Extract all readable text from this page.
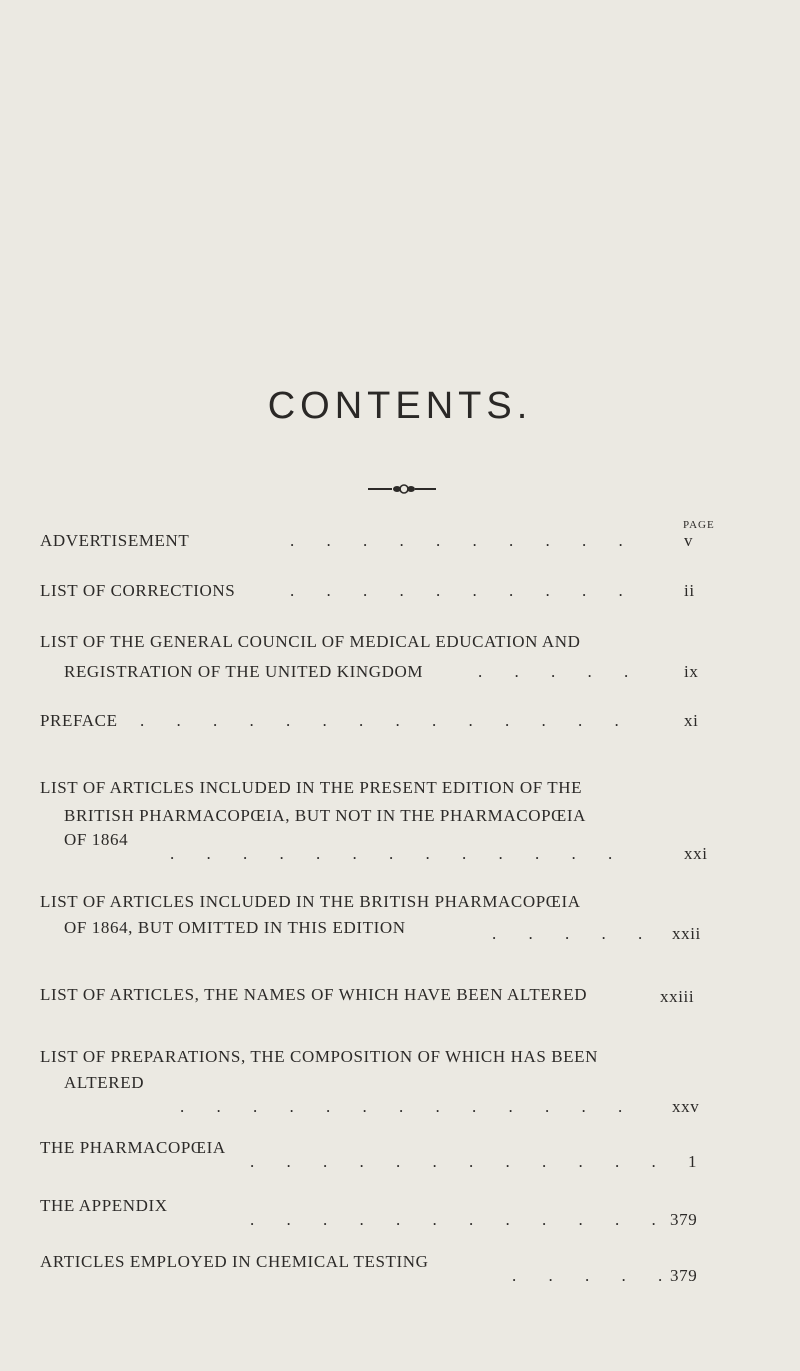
CONTENTS.
PAGE
ADVERTISEMENT	. . . . . . . . . .	v
LIST OF CORRECTIONS	. . . . . . . . . .	ii
LIST OF THE GENERAL COUNCIL OF MEDICAL EDUCATION AND
REGISTRATION OF THE UNITED KINGDOM	. . . . . ix
PREFACE . . . . . . . . . . . . . .	xi
LIST OF ARTICLES INCLUDED IN THE PRESENT EDITION OF THE
BRITISH PHARMACOPŒIA, BUT NOT IN THE PHARMACOPŒIA
OF 1864
. . . . . . . . . . . . .	xxi
LIST OF ARTICLES INCLUDED IN THE BRITISH PHARMACOPŒIA
OF 1864, BUT OMITTED IN THIS EDITION	. . . . . xxii
LIST OF ARTICLES, THE NAMES OF WHICH HAVE BEEN ALTERED	xxiii
LIST OF PREPARATIONS, THE COMPOSITION OF WHICH HAS BEEN
ALTERED
. . . . . . . . . . . . . xxv
THE PHARMACOPŒIA
. . . . . . . . . . . . 1
THE APPENDIX
. . . . . . . . . . . . 379
ARTICLES EMPLOYED IN CHEMICAL TESTING
. . . . .
379
